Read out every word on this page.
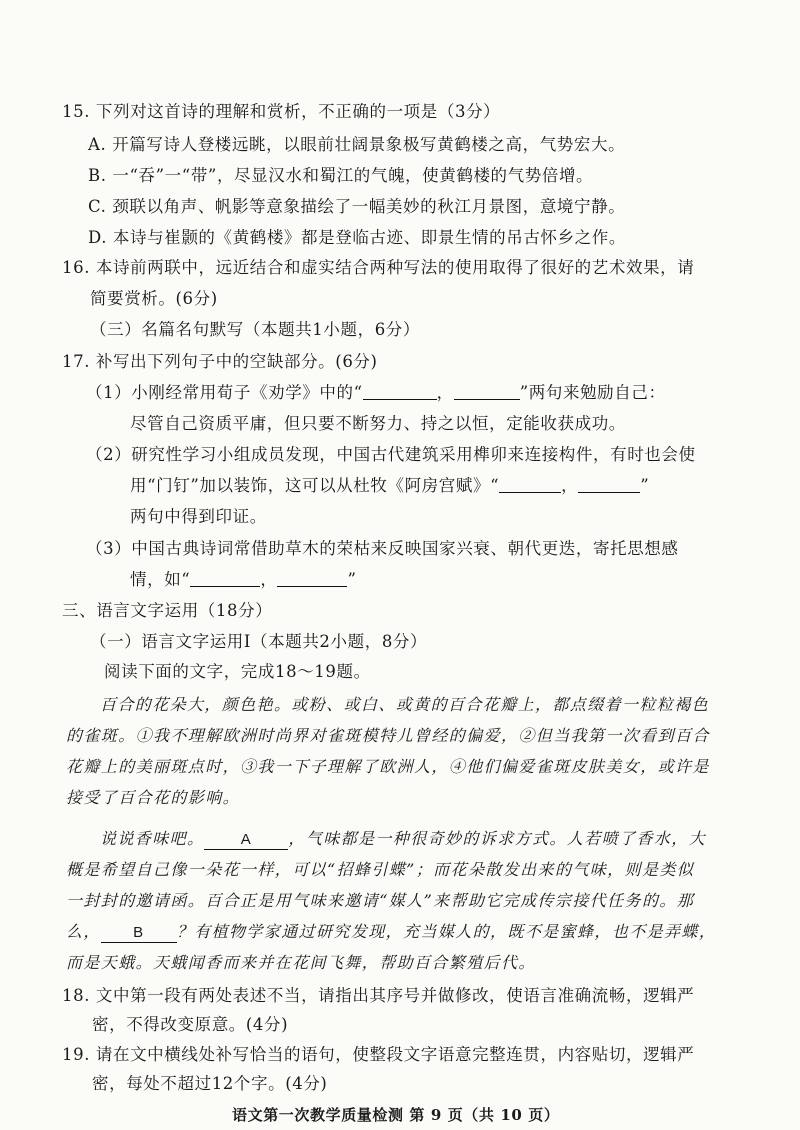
15. 下列对这首诗的理解和赏析，不正确的一项是（3分）
A. 开篇写诗人登楼远眺，以眼前壮阔景象极写黄鹤楼之高，气势宏大。
B. 一“吞”一“带”，尽显汉水和蜀江的气魄，使黄鹤楼的气势倍增。
C. 颈联以角声、帆影等意象描绘了一幅美妙的秋江月景图，意境宁静。
D. 本诗与崔颢的《黄鹤楼》都是登临古迹、即景生情的吊古怀乡之作。
16. 本诗前两联中，远近结合和虚实结合两种写法的使用取得了很好的艺术效果，请
简要赏析。(6分)
（三）名篇名句默写（本题共1小题，6分）
17. 补写出下列句子中的空缺部分。(6分)
（1）小刚经常用荀子《劝学》中的“	，	”两句来勉励自己：
尽管自己资质平庸，但只要不断努力、持之以恒，定能收获成功。
（2）研究性学习小组成员发现，中国古代建筑采用榫卯来连接构件，有时也会使
用“门钉”加以装饰，这可以从杜牧《阿房宫赋》“	，	”
两句中得到印证。
（3）中国古典诗词常借助草木的荣枯来反映国家兴衰、朝代更迭，寄托思想感
情，如“	，	”
三、语言文字运用（18分）
（一）语言文字运用Ⅰ（本题共2小题，8分）
阅读下面的文字，完成18～19题。
百合的花朵大，颜色艳。或粉、或白、或黄的百合花瓣上，都点缀着一粒粒褐色
的雀斑。①我不理解欧洲时尚界对雀斑模特儿曾经的偏爱，②但当我第一次看到百合
花瓣上的美丽斑点时，③我一下子理解了欧洲人，④他们偏爱雀斑皮肤美女，或许是
接受了百合花的影响。
说说香味吧。 A ，气味都是一种很奇妙的诉求方式。人若喷了香水，大
概是希望自己像一朵花一样，可以“招蜂引蝶”；而花朵散发出来的气味，则是类似
一封封的邀请函。百合正是用气味来邀请“媒人”来帮助它完成传宗接代任务的。那
么， B ？有植物学家通过研究发现，充当媒人的，既不是蜜蜂，也不是弄蝶，
而是天蛾。天蛾闻香而来并在花间飞舞，帮助百合繁殖后代。
18. 文中第一段有两处表述不当，请指出其序号并做修改，使语言准确流畅，逻辑严
密，不得改变原意。(4分)
19. 请在文中横线处补写恰当的语句，使整段文字语意完整连贯，内容贴切，逻辑严
密，每处不超过12个字。(4分)
语文第一次教学质量检测 第 9 页（共 10 页）
